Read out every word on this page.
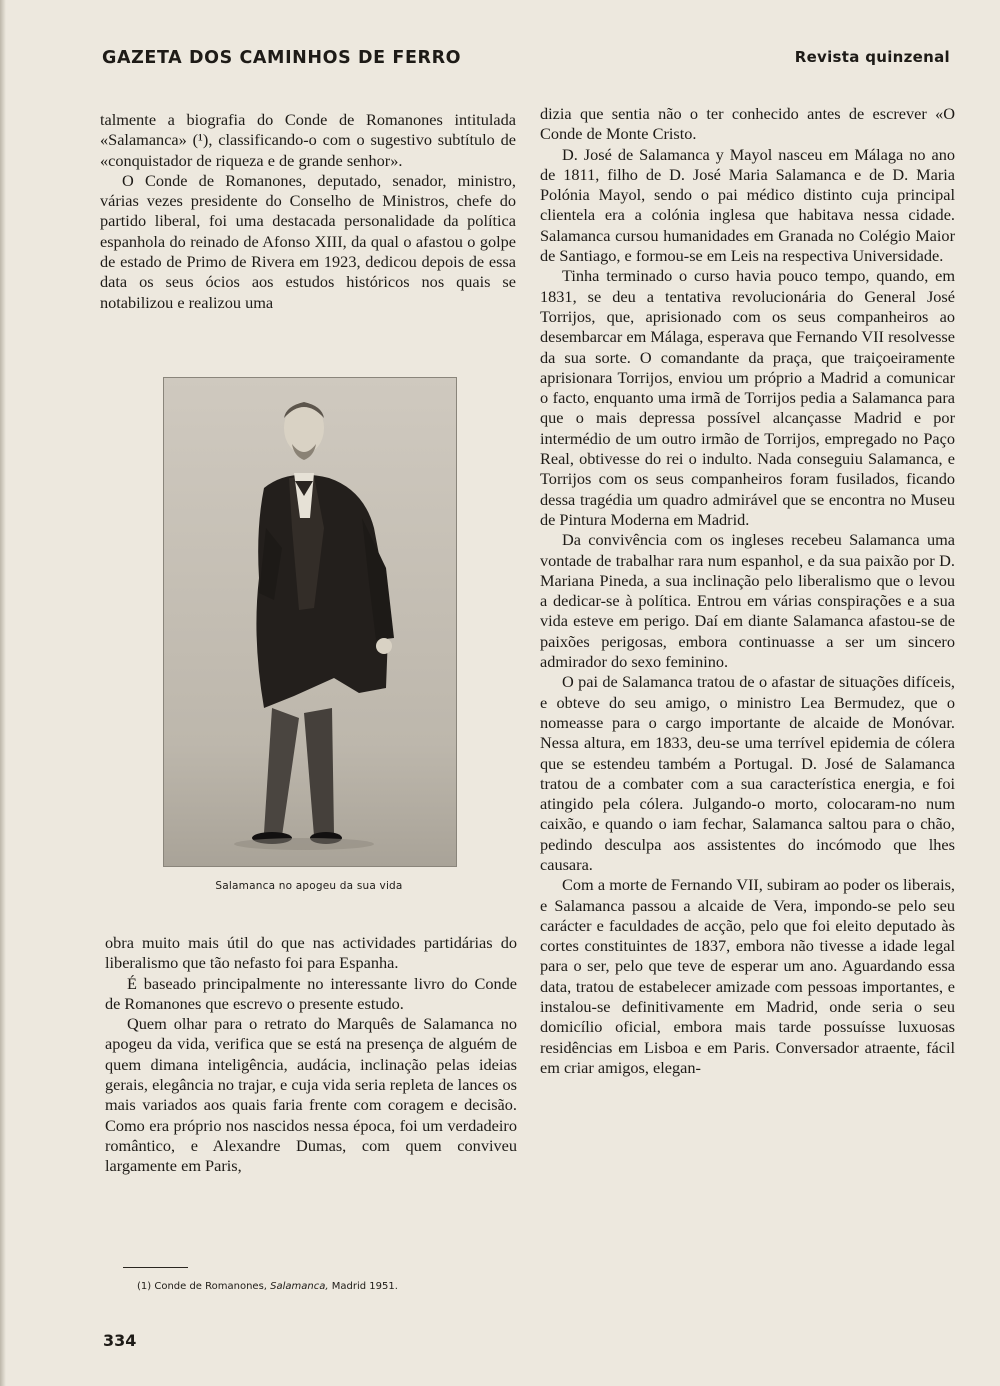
GAZETA DOS CAMINHOS DE FERRO	Revista quinzenal

talmente a biografia do Conde de Romanones intitulada «Salamanca» (¹), classificando-o com o sugestivo subtítulo de «conquistador de riqueza e de grande senhor».

O Conde de Romanones, deputado, senador, ministro, várias vezes presidente do Conselho de Ministros, chefe do partido liberal, foi uma destacada personalidade da política espanhola do reinado de Afonso XIII, da qual o afastou o golpe de estado de Primo de Rivera em 1923, dedicou depois de essa data os seus ócios aos estudos históricos nos quais se notabilizou e realizou uma

Salamanca no apogeu da sua vida

obra muito mais útil do que nas actividades partidárias do liberalismo que tão nefasto foi para Espanha.

É baseado principalmente no interessante livro do Conde de Romanones que escrevo o presente estudo.

Quem olhar para o retrato do Marquês de Salamanca no apogeu da vida, verifica que se está na presença de alguém de quem dimana inteligência, audácia, inclinação pelas ideias gerais, elegância no trajar, e cuja vida seria repleta de lances os mais variados aos quais faria frente com coragem e decisão. Como era próprio nos nascidos nessa época, foi um verdadeiro romântico, e Alexandre Dumas, com quem conviveu largamente em Paris,

dizia que sentia não o ter conhecido antes de escrever «O Conde de Monte Cristo.

D. José de Salamanca y Mayol nasceu em Málaga no ano de 1811, filho de D. José Maria Salamanca e de D. Maria Polónia Mayol, sendo o pai médico distinto cuja principal clientela era a colónia inglesa que habitava nessa cidade. Salamanca cursou humanidades em Granada no Colégio Maior de Santiago, e formou-se em Leis na respectiva Universidade.

Tinha terminado o curso havia pouco tempo, quando, em 1831, se deu a tentativa revolucionária do General José Torrijos, que, aprisionado com os seus companheiros ao desembarcar em Málaga, esperava que Fernando VII resolvesse da sua sorte. O comandante da praça, que traiçoeiramente aprisionara Torrijos, enviou um próprio a Madrid a comunicar o facto, enquanto uma irmã de Torrijos pedia a Salamanca para que o mais depressa possível alcançasse Madrid e por intermédio de um outro irmão de Torrijos, empregado no Paço Real, obtivesse do rei o indulto. Nada conseguiu Salamanca, e Torrijos com os seus companheiros foram fusilados, ficando dessa tragédia um quadro admirável que se encontra no Museu de Pintura Moderna em Madrid.

Da convivência com os ingleses recebeu Salamanca uma vontade de trabalhar rara num espanhol, e da sua paixão por D. Mariana Pineda, a sua inclinação pelo liberalismo que o levou a dedicar-se à política. Entrou em várias conspirações e a sua vida esteve em perigo. Daí em diante Salamanca afastou-se de paixões perigosas, embora continuasse a ser um sincero admirador do sexo feminino.

O pai de Salamanca tratou de o afastar de situações difíceis, e obteve do seu amigo, o ministro Lea Bermudez, que o nomeasse para o cargo importante de alcaide de Monóvar. Nessa altura, em 1833, deu-se uma terrível epidemia de cólera que se estendeu também a Portugal. D. José de Salamanca tratou de a combater com a sua característica energia, e foi atingido pela cólera. Julgando-o morto, colocaram-no num caixão, e quando o iam fechar, Salamanca saltou para o chão, pedindo desculpa aos assistentes do incómodo que lhes causara.

Com a morte de Fernando VII, subiram ao poder os liberais, e Salamanca passou a alcaide de Vera, impondo-se pelo seu carácter e faculdades de acção, pelo que foi eleito deputado às cortes constituintes de 1837, embora não tivesse a idade legal para o ser, pelo que teve de esperar um ano. Aguardando essa data, tratou de estabelecer amizade com pessoas importantes, e instalou-se definitivamente em Madrid, onde seria o seu domicílio oficial, embora mais tarde possuísse luxuosas residências em Lisboa e em Paris. Conversador atraente, fácil em criar amigos, elegan-

(1) Conde de Romanones, Salamanca, Madrid 1951.
334
